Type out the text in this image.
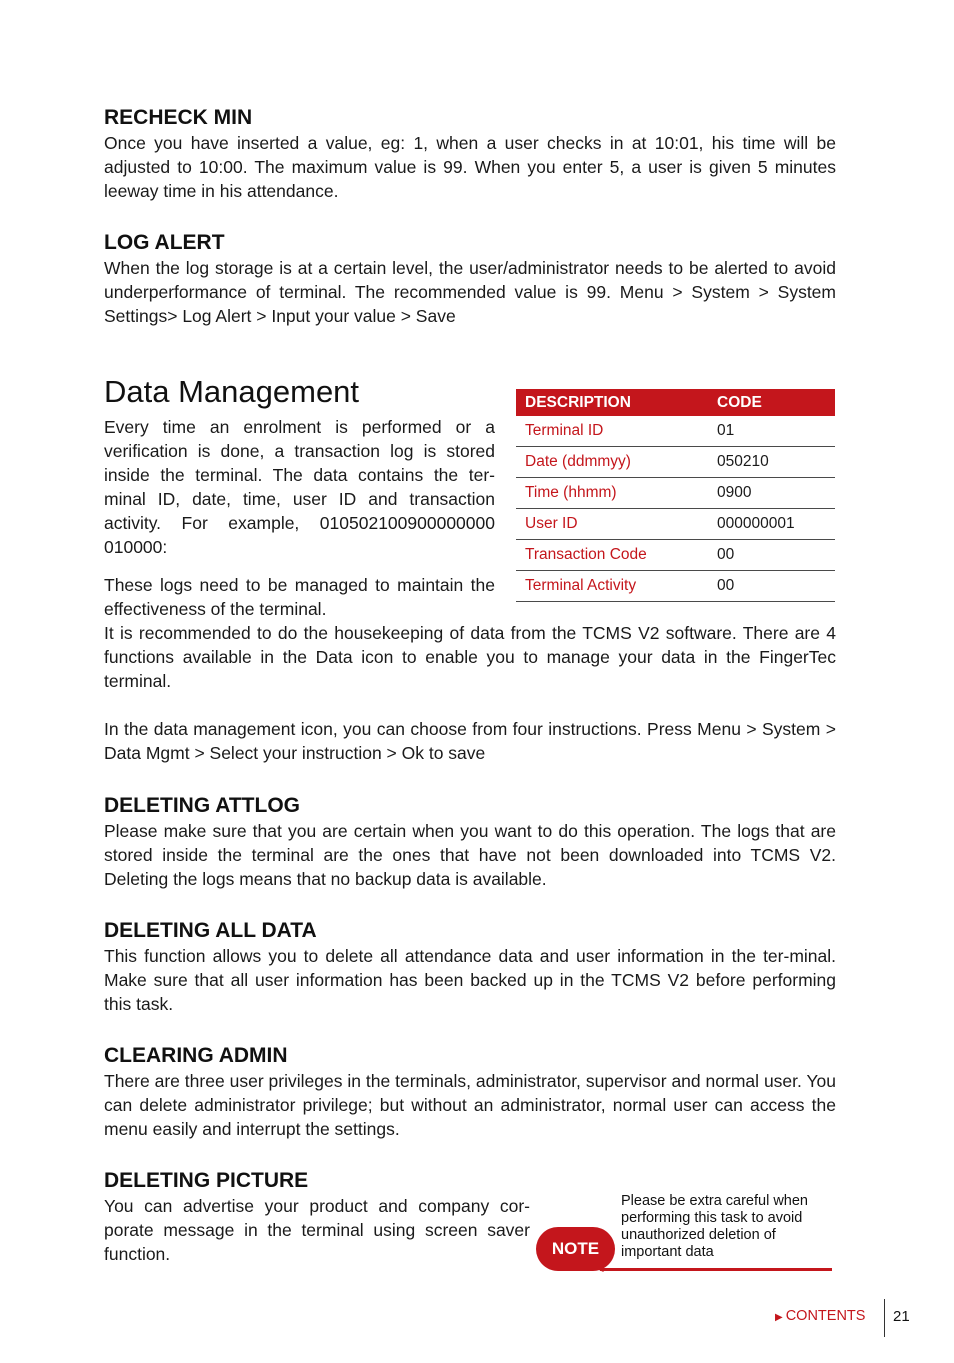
RECHECK MIN

Once you have inserted a value, eg: 1, when a user checks in at 10:01, his time will be adjusted to 10:00. The maximum value is 99. When you enter 5, a user is given 5 minutes leeway time in his attendance.

LOG ALERT

When the log storage is at a certain level, the user/administrator needs to be alerted to avoid underperformance of terminal. The recommended value is 99. Menu > System > System Settings> Log Alert > Input your value > Save

Data Management

Every time an enrolment is performed or a verification is done, a transaction log is stored inside the terminal. The data contains the ter-minal ID, date, time, user ID and transaction activity. For example, 010502100900000000 010000:

These logs need to be managed to maintain the effectiveness of the terminal.

It is recommended to do the housekeeping of data from the TCMS V2 software. There are 4 functions available in the Data icon to enable you to manage your data in the FingerTec terminal.

In the data management icon, you can choose from four instructions. Press Menu > System > Data Mgmt > Select your instruction > Ok to save

DESCRIPTION	CODE
Terminal ID	01
Date (ddmmyy)	050210
Time (hhmm)	0900
User ID	000000001
Transaction Code	00
Terminal Activity	00
DELETING ATTLOG

Please make sure that you are certain when you want to do this operation. The logs that are stored inside the terminal are the ones that have not been downloaded into TCMS V2. Deleting the logs means that no backup data is available.

DELETING ALL DATA

This function allows you to delete all attendance data and user information in the ter-minal. Make sure that all user information has been backed up in the TCMS V2 before performing this task.

CLEARING ADMIN

There are three user privileges in the terminals, administrator, supervisor and normal user. You can delete administrator privilege; but without an administrator, normal user can access the menu easily and interrupt the settings.

DELETING PICTURE

You can advertise your product and company cor-porate message in the terminal using screen saver function.	NOTE
Please be extra careful when performing this task to avoid unauthorized deletion of important data
▶ CONTENTS 21
